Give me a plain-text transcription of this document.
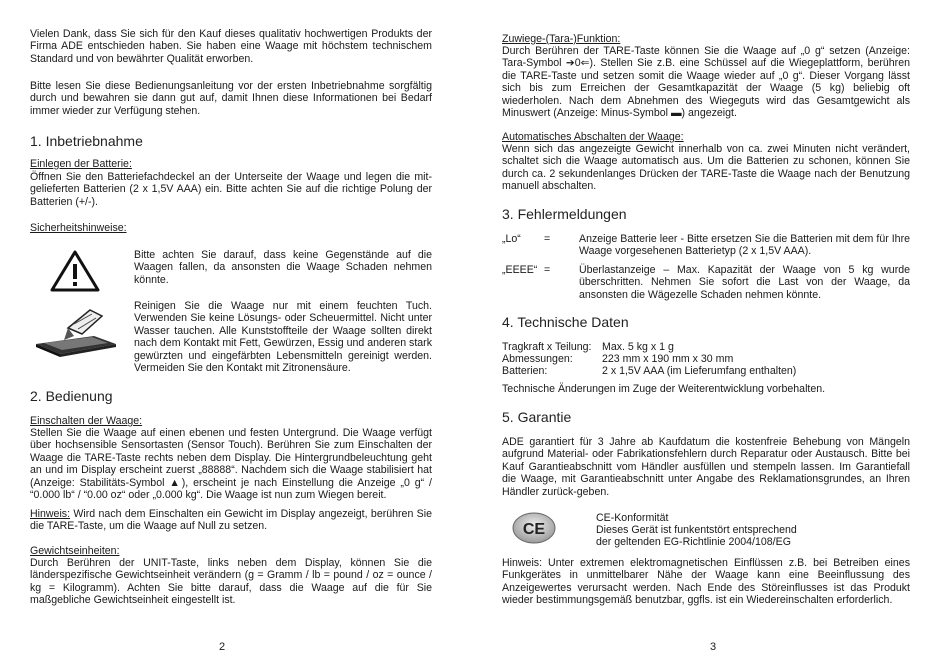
Vielen Dank, dass Sie sich für den Kauf dieses qualitativ hochwertigen Produkts der Firma ADE entschieden haben. Sie haben eine Waage mit höchstem technischem Standard und von bewährter Qualität erworben.

Bitte lesen Sie diese Bedienungsanleitung vor der ersten Inbetriebnahme sorgfältig durch und bewahren sie dann gut auf, damit Ihnen diese Informationen bei Bedarf immer wieder zur Verfügung stehen.

1. Inbetriebnahme
Einlegen der Batterie:

Öffnen Sie den Batteriefachdeckel an der Unterseite der Waage und legen die mit-gelieferten Batterien (2 x 1,5V AAA) ein. Bitte achten Sie auf die richtige Polung der Batterien (+/-).

Sicherheitshinweise:

Bitte achten Sie darauf, dass keine Gegenstände auf die Waagen fallen, da ansonsten die Waage Schaden nehmen könnte.

Reinigen Sie die Waage nur mit einem feuchten Tuch. Verwenden Sie keine Lösungs- oder Scheuermittel. Nicht unter Wasser tauchen. Alle Kunststoffteile der Waage sollten direkt nach dem Kontakt mit Fett, Gewürzen, Essig und anderen stark gewürzten und eingefärbten Lebensmitteln gereinigt werden. Vermeiden Sie den Kontakt mit Zitronensäure.

2. Bedienung
Einschalten der Waage:

Stellen Sie die Waage auf einen ebenen und festen Untergrund. Die Waage verfügt über hochsensible Sensortasten (Sensor Touch). Berühren Sie zum Einschalten der Waage die TARE-Taste rechts neben dem Display. Die Hintergrundbeleuchtung geht an und im Display erscheint zuerst „88888“. Nachdem sich die Waage stabilisiert hat (Anzeige: Stabilitäts-Symbol ▲), erscheint je nach Einstellung die Anzeige „0 g“ / “0.000 lb“ / “0.00 oz“ oder „0.000 kg“. Die Waage ist nun zum Wiegen bereit.

Hinweis: Wird nach dem Einschalten ein Gewicht im Display angezeigt, berühren Sie die TARE-Taste, um die Waage auf Null zu setzen.

Gewichtseinheiten:

Durch Berühren der UNIT-Taste, links neben dem Display, können Sie die länderspezifische Gewichtseinheit verändern (g = Gramm / lb = pound / oz = ounce / kg = Kilogramm). Achten Sie bitte darauf, dass die Waage auf die für Sie maßgebliche Gewichtseinheit eingestellt ist.

2
Zuwiege-(Tara-)Funktion:

Durch Berühren der TARE-Taste können Sie die Waage auf „0 g“ setzen (Anzeige: Tara-Symbol ➔0⇐). Stellen Sie z.B. eine Schüssel auf die Wiegeplattform, berühren die TARE-Taste und setzen somit die Waage wieder auf „0 g“. Dieser Vorgang lässt sich bis zum Erreichen der Gesamtkapazität der Waage (5 kg) beliebig oft wiederholen. Nach dem Abnehmen des Wiegeguts wird das Gesamtgewicht als Minuswert (Anzeige: Minus-Symbol ▬) angezeigt.

Automatisches Abschalten der Waage:

Wenn sich das angezeigte Gewicht innerhalb von ca. zwei Minuten nicht verändert, schaltet sich die Waage automatisch aus. Um die Batterien zu schonen, können Sie durch ca. 2 sekundenlanges Drücken der TARE-Taste die Waage nach der Benutzung manuell abschalten.

3. Fehlermeldungen
„Lo“	=	Anzeige Batterie leer - Bitte ersetzen Sie die Batterien mit dem für Ihre Waage vorgesehenen Batterietyp (2 x 1,5V AAA).
„EEEE“ =	Überlastanzeige – Max. Kapazität der Waage von 5 kg wurde überschritten. Nehmen Sie sofort die Last von der Waage, da ansonsten die Wägezelle Schaden nehmen könnte.
4. Technische Daten
Tragkraft x Teilung: Max. 5 kg x 1 g
Abmessungen:	223 mm x 190 mm x 30 mm
Batterien:	2 x 1,5V AAA (im Lieferumfang enthalten)

Technische Änderungen im Zuge der Weiterentwicklung vorbehalten.

5. Garantie

ADE garantiert für 3 Jahre ab Kaufdatum die kostenfreie Behebung von Mängeln aufgrund Material- oder Fabrikationsfehlern durch Reparatur oder Austausch. Bitte bei Kauf Garantieabschnitt vom Händler ausfüllen und stempeln lassen. Im Garantiefall die Waage, mit Garantieabschnitt unter Angabe des Reklamationsgrundes, an Ihren Händler zurück-geben.

CE
CE-Konformität
Dieses Gerät ist funkentstört entsprechend
der geltenden EG-Richtlinie 2004/108/EG

Hinweis: Unter extremen elektromagnetischen Einflüssen z.B. bei Betreiben eines Funkgerätes in unmittelbarer Nähe der Waage kann eine Beeinflussung des Anzeigewertes verursacht werden. Nach Ende des Störeinflusses ist das Produkt wieder bestimmungsgemäß benutzbar, ggfls. ist ein Wiedereinschalten erforderlich.

3
